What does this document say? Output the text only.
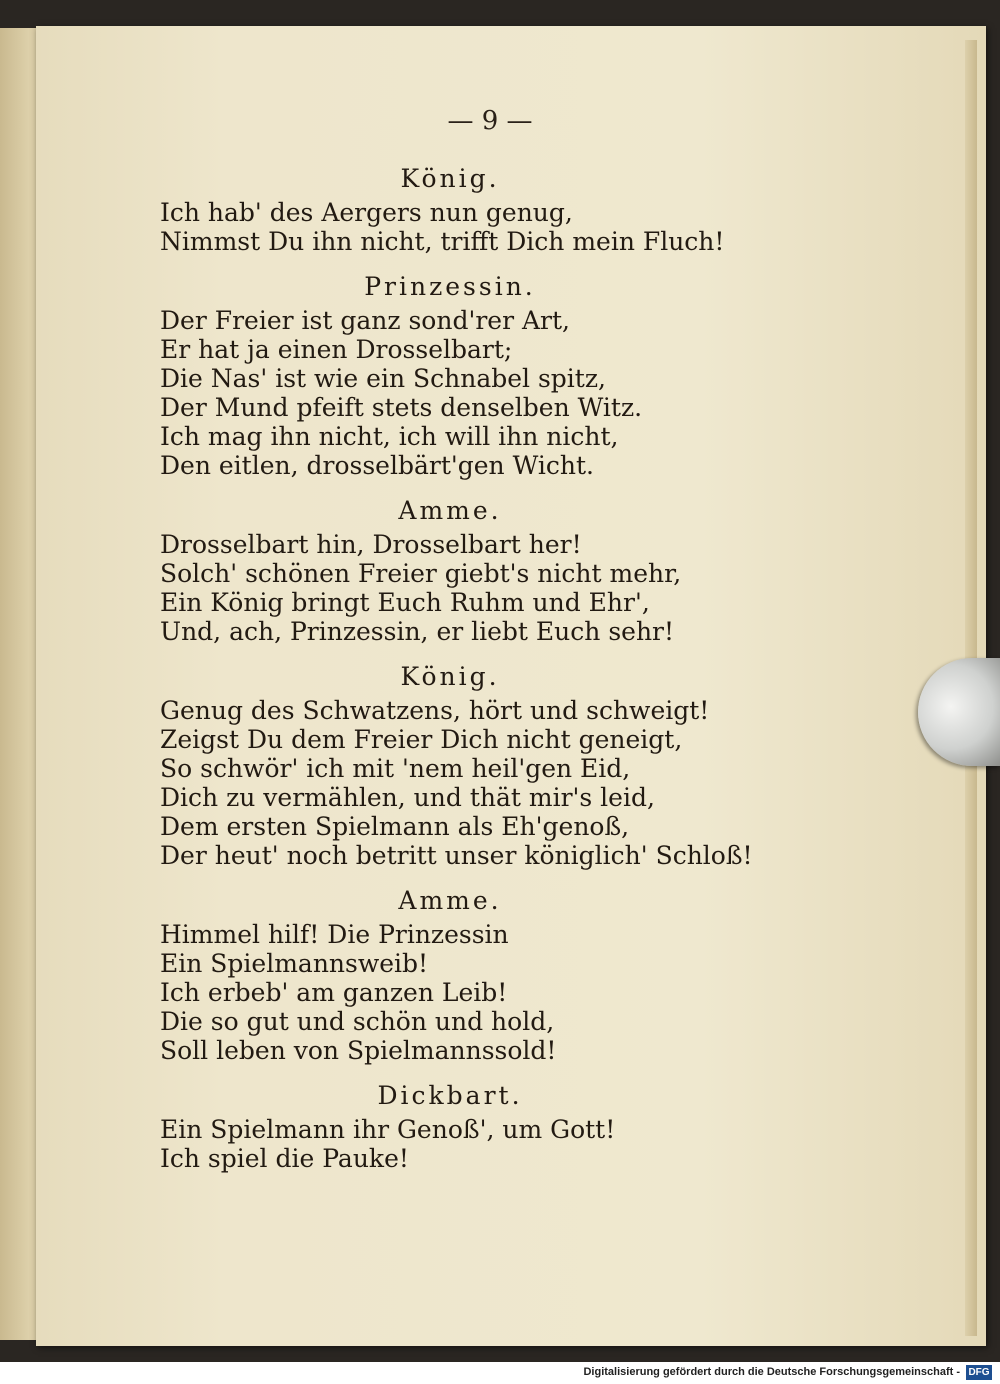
— 9 —
König.
Ich hab' des Aergers nun genug,
Nimmst Du ihn nicht, trifft Dich mein Fluch!
Prinzessin.
Der Freier ist ganz sond'rer Art,
Er hat ja einen Drosselbart;
Die Nas' ist wie ein Schnabel spitz,
Der Mund pfeift stets denselben Witz.
Ich mag ihn nicht, ich will ihn nicht,
Den eitlen, drosselbärt'gen Wicht.
Amme.
Drosselbart hin, Drosselbart her!
Solch' schönen Freier giebt's nicht mehr,
Ein König bringt Euch Ruhm und Ehr',
Und, ach, Prinzessin, er liebt Euch sehr!
König.
Genug des Schwatzens, hört und schweigt!
Zeigst Du dem Freier Dich nicht geneigt,
So schwör' ich mit 'nem heil'gen Eid,
Dich zu vermählen, und thät mir's leid,
Dem ersten Spielmann als Eh'genoß,
Der heut' noch betritt unser königlich' Schloß!
Amme.
Himmel hilf! Die Prinzessin
Ein Spielmannsweib!
Ich erbeb' am ganzen Leib!
Die so gut und schön und hold,
Soll leben von Spielmannssold!
Dickbart.
Ein Spielmann ihr Genoß', um Gott!
Ich spiel die Pauke!
Digitalisierung gefördert durch die Deutsche Forschungsgemeinschaft - DFG
